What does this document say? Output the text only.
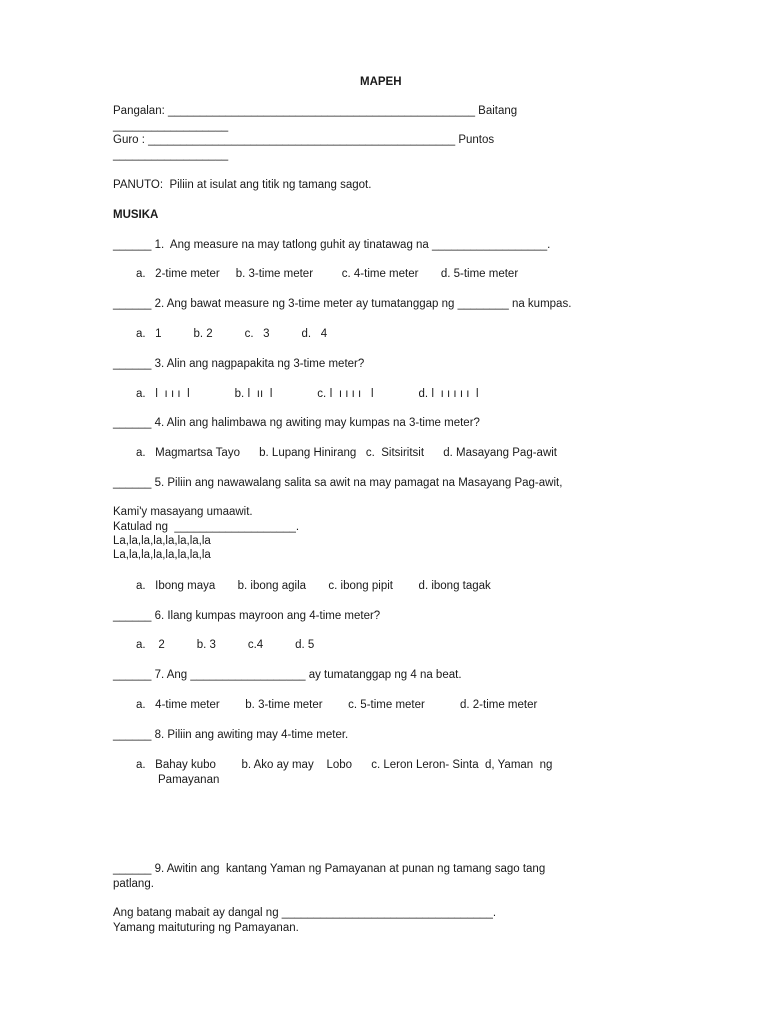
MAPEH
Pangalan: ________________________________________________ Baitang
__________________
Guro : ________________________________________________ Puntos
__________________
PANUTO:  Piliin at isulat ang titik ng tamang sagot.
MUSIKA
______ 1.  Ang measure na may tatlong guhit ay tinatawag na __________________.
a.   2-time meter     b. 3-time meter         c. 4-time meter       d. 5-time meter
______ 2. Ang bawat measure ng 3-time meter ay tumatanggap ng ________ na kumpas.
a.   1          b. 2          c.   3          d.   4
______ 3. Alin ang nagpapakita ng 3-time meter?
a.   ǀ  ı ı ı  ǀ              b. ǀ  ıı  ǀ              c. ǀ  ı ı ı ı   ǀ              d. ǀ  ı ı ı ı ı  ǀ
______ 4. Alin ang halimbawa ng awiting may kumpas na 3-time meter?
a.   Magmartsa Tayo      b. Lupang Hinirang   c.  Sitsiritsit      d. Masayang Pag-awit
______ 5. Piliin ang nawawalang salita sa awit na may pamagat na Masayang Pag-awit,
Kami'y masayang umaawit.
Katulad ng  ___________________.
La,la,la,la,la,la,la,la
La,la,la,la,la,la,la,la
a.   Ibong maya       b. ibong agila       c. ibong pipit        d. ibong tagak
______ 6. Ilang kumpas mayroon ang 4-time meter?
a.    2          b. 3          c.4          d. 5
______ 7. Ang __________________ ay tumatanggap ng 4 na beat.
a.   4-time meter        b. 3-time meter        c. 5-time meter           d. 2-time meter
______ 8. Piliin ang awiting may 4-time meter.
a.   Bahay kubo        b. Ako ay may    Lobo      c. Leron Leron- Sinta  d, Yaman  ng
Pamayanan
______ 9. Awitin ang  kantang Yaman ng Pamayanan at punan ng tamang sago tang
patlang.
Ang batang mabait ay dangal ng _________________________________.
Yamang maituturing ng Pamayanan.
